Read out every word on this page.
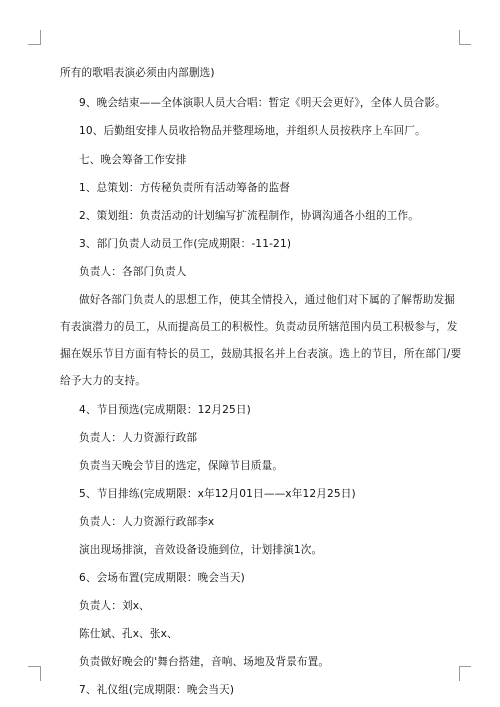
所有的歌唱表演必须由内部删选)
9、晚会结束——全体演职人员大合唱：暂定《明天会更好》，全体人员合影。
10、后勤组安排人员收拾物品并整理场地，并组织人员按秩序上车回厂。
七、晚会筹备工作安排
1、总策划：方传秘负责所有活动筹备的监督
2、策划组：负责活动的计划编写扩流程制作，协调沟通各小组的工作。
3、部门负责人动员工作(完成期限：-11-21)
负责人：各部门负责人
做好各部门负责人的思想工作，使其全情投入，通过他们对下属的了解帮助发掘
有表演潜力的员工，从而提高员工的积极性。负责动员所辖范围内员工积极参与，发
掘在娱乐节目方面有特长的员工，鼓励其报名并上台表演。选上的节目，所在部门/要
给予大力的支持。
4、节目预选(完成期限：12月25日)
负责人：人力资源行政部
负责当天晚会节目的选定，保障节目质量。
5、节目排练(完成期限：x年12月01日——x年12月25日)
负责人：人力资源行政部李x
演出现场排演，音效设备设施到位，计划排演1次。
6、会场布置(完成期限：晚会当天)
负责人：刘x、
陈仕斌、孔x、张x、
负责做好晚会的'舞台搭建，音响、场地及背景布置。
7、礼仪组(完成期限：晚会当天)
